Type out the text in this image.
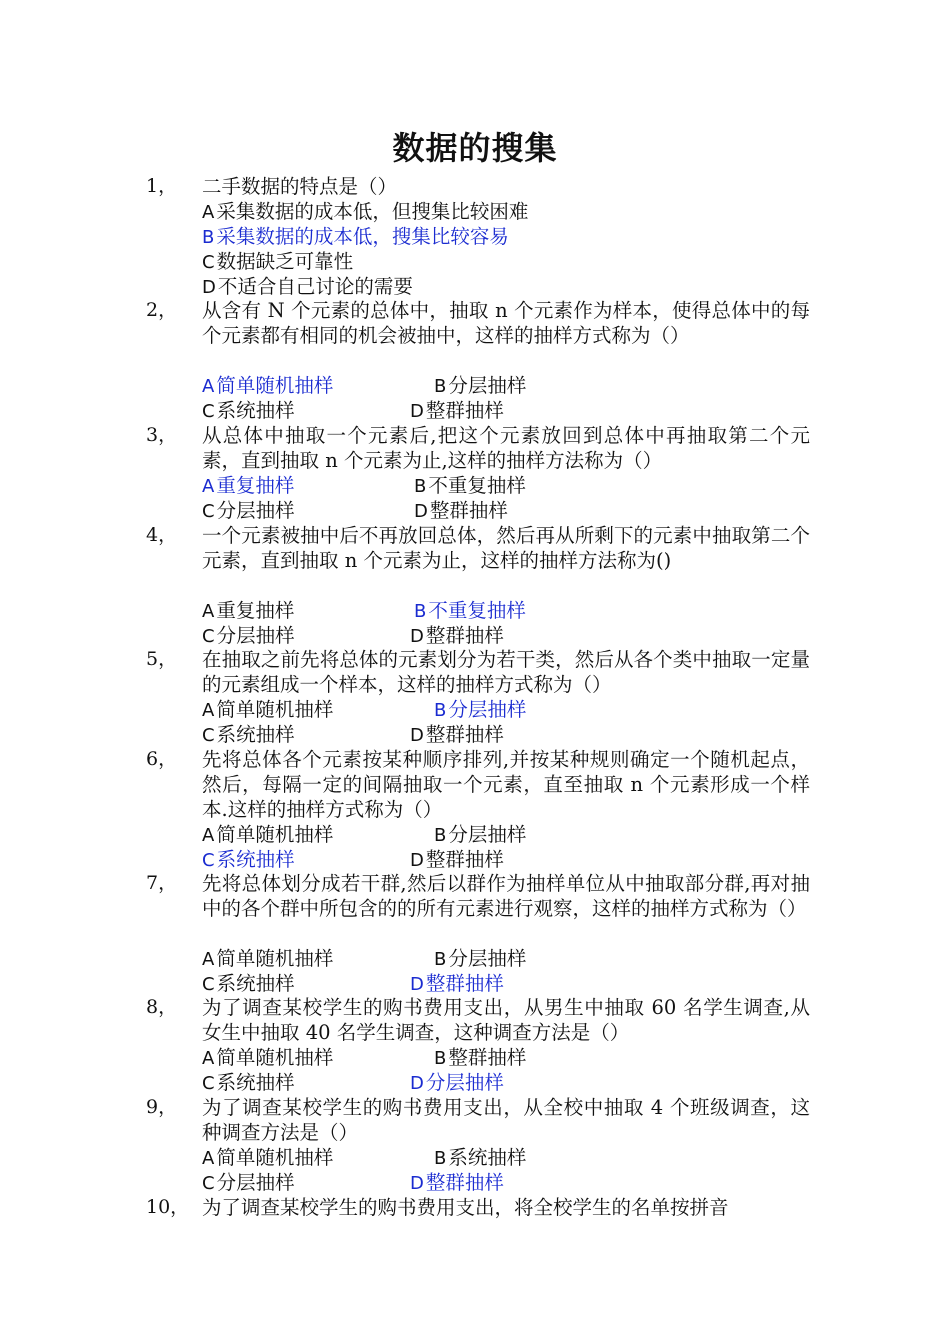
数据的搜集
1， 二手数据的特点是（）
A 采集数据的成本低，但搜集比较困难
B 采集数据的成本低，搜集比较容易
C 数据缺乏可靠性
D 不适合自己讨论的需要
2， 从含有 N 个元素的总体中，抽取 n 个元素作为样本，使得总体中的每个元素都有相同的机会被抽中，这样的抽样方式称为（）
A 简单随机抽样	B 分层抽样
C 系统抽样	D 整群抽样
3， 从总体中抽取一个元素后,把这个元素放回到总体中再抽取第二个元素，直到抽取 n 个元素为止,这样的抽样方法称为（）
A 重复抽样	B 不重复抽样
C 分层抽样	D 整群抽样
4， 一个元素被抽中后不再放回总体，然后再从所剩下的元素中抽取第二个元素，直到抽取 n 个元素为止，这样的抽样方法称为()
A 重复抽样	B 不重复抽样
C 分层抽样	D 整群抽样
5， 在抽取之前先将总体的元素划分为若干类，然后从各个类中抽取一定量的元素组成一个样本，这样的抽样方式称为（）
A 简单随机抽样	B 分层抽样
C 系统抽样	D 整群抽样
6， 先将总体各个元素按某种顺序排列,并按某种规则确定一个随机起点，然后，每隔一定的间隔抽取一个元素，直至抽取 n 个元素形成一个样本.这样的抽样方式称为（）
A 简单随机抽样	B 分层抽样
C 系统抽样	D 整群抽样
7， 先将总体划分成若干群,然后以群作为抽样单位从中抽取部分群,再对抽中的各个群中所包含的的所有元素进行观察，这样的抽样方式称为（）
A 简单随机抽样	B 分层抽样
C 系统抽样	D 整群抽样
8， 为了调查某校学生的购书费用支出，从男生中抽取 60 名学生调查,从女生中抽取 40 名学生调查，这种调查方法是（）
A 简单随机抽样	B 整群抽样
C 系统抽样	D 分层抽样
9， 为了调查某校学生的购书费用支出，从全校中抽取 4 个班级调查，这种调查方法是（）
A 简单随机抽样	B 系统抽样
C 分层抽样	D 整群抽样
10， 为了调查某校学生的购书费用支出，将全校学生的名单按拼音
